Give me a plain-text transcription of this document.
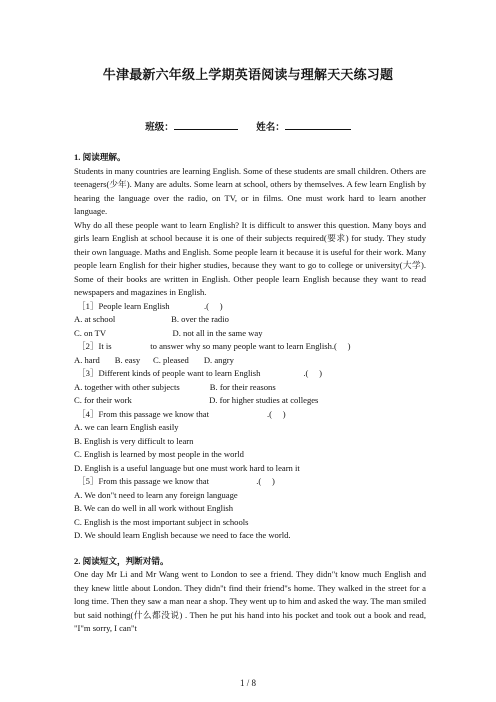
牛津最新六年级上学期英语阅读与理解天天练习题
班级：	姓名：

1. 阅读理解。

Students in many countries are learning English. Some of these students are small children. Others are teenagers(少年). Many are adults. Some learn at school, others by themselves. A few learn English by hearing the language over the radio, on TV, or in films. One must work hard to learn another language.

Why do all these people want to learn English? It is difficult to answer this question. Many boys and girls learn English at school because it is one of their subjects required(要求) for study. They study their own language. Maths and English. Some people learn it because it is useful for their work. Many people learn English for their higher studies, because they want to go to college or university(大学). Some of their books are written in English. Other people learn English because they want to read newspapers and magazines in English.

［1］People learn English                .(     )

A. at school                          B. over the radio

C. on TV                               D. not all in the same way

［2］It is                  to answer why so many people want to learn English.(     )

A. hard       B. easy      C. pleased       D. angry

［3］Different kinds of people want to learn English                    .(     )

A. together with other subjects              B. for their reasons

C. for their work                                    D. for higher studies at colleges

［4］From this passage we know that                           .(     )

A. we can learn English easily

B. English is very difficult to learn

C. English is learned by most people in the world

D. English is a useful language but one must work hard to learn it

［5］From this passage we know that                      .(     )

A. We don"t need to learn any foreign language

B. We can do well in all work without English

C. English is the most important subject in schools

D. We should learn English because we need to face the world.

2. 阅读短文，判断对错。

One day Mr Li and Mr Wang went to London to see a friend. They didn"t know much English and they knew little about London. They didn"t find their friend"s home. They walked in the street for a long time. Then they saw a man near a shop. They went up to him and asked the way. The man smiled but said nothing(什么都没说) . Then he put his hand into his pocket and took out a book and read, "I"m sorry, I can"t

1 / 8
